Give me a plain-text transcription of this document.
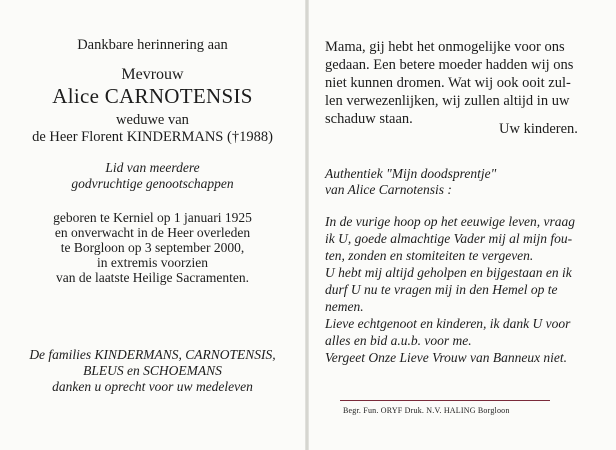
Dankbare herinnering aan
Mevrouw
Alice CARNOTENSIS
weduwe van
de Heer Florent KINDERMANS (†1988)
Lid van meerdere
godvruchtige genootschappen
geboren te Kerniel op 1 januari 1925
en onverwacht in de Heer overleden
te Borgloon op 3 september 2000,
in extremis voorzien
van de laatste Heilige Sacramenten.
De families KINDERMANS, CARNOTENSIS,
BLEUS en SCHOEMANS
danken u oprecht voor uw medeleven
Mama, gij hebt het onmogelijke voor ons
gedaan. Een betere moeder hadden wij ons
niet kunnen dromen. Wat wij ook ooit zul-
len verwezenlijken, wij zullen altijd in uw
schaduw staan.
Uw kinderen.
Authentiek "Mijn doodsprentje"
van Alice Carnotensis :
In de vurige hoop op het eeuwige leven, vraag
ik U, goede almachtige Vader mij al mijn fou-
ten, zonden en stomiteiten te vergeven.
U hebt mij altijd geholpen en bijgestaan en ik
durf U nu te vragen mij in den Hemel op te
nemen.
Lieve echtgenoot en kinderen, ik dank U voor
alles en bid a.u.b. voor me.
Vergeet Onze Lieve Vrouw van Banneux niet.
Begr. Fun. ORYF Druk. N.V. HALING Borgloon
